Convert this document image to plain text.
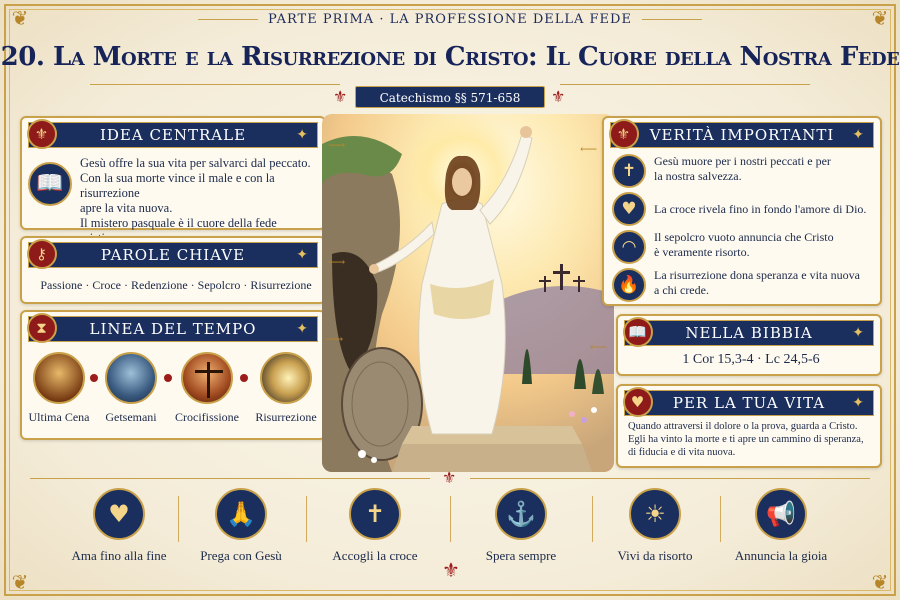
❦	❦
❦	❦
PARTE PRIMA · LA PROFESSIONE DELLA FEDE
20. La Morte e la Risurrezione di Cristo: Il Cuore della Nostra Fede
⚜	Catechismo §§ 571-658	⚜
⚜	IDEA CENTRALE	✦
📖
Gesù offre la sua vita per salvarci dal peccato.
Con la sua morte vince il male e con la risurrezione
apre la vita nuova.
Il mistero pasquale è il cuore della fede
⚷	PAROLE CHIAVE	✦
Passione · Croce · Redenzione · Sepolcro · Risurrezione
⧗	LINEA DEL TEMPO	✦
Ultima Cena	Getsemani	Crocifissione	Risurrezione
⟶
⟶
⟶
⟵
⟵
⚜	VERITÀ IMPORTANTI ✦
✝	Gesù muore per i nostri peccati e per
la nostra salvezza.
♥	La croce rivela fino in fondo l'amore di Dio.
◠	Il sepolcro vuoto annuncia che Cristo
è veramente risorto.
🔥	La risurrezione dona speranza e vita nuova
a chi crede.
📖	NELLA BIBBIA	✦
1 Cor 15,3-4 · Lc 24,5-6
♥	PER LA TUA VITA ✦
Quando attraversi il dolore o la prova, guarda a Cristo.
Egli ha vinto la morte e ti apre un cammino di speranza,
di fiducia e di vita nuova.
⚜
♥
Ama fino alla fine
🙏
Prega con Gesù
✝
Accogli la croce
⚓
Spera sempre
☀
Vivi da risorto
📢
Annuncia la gioia
⚜
